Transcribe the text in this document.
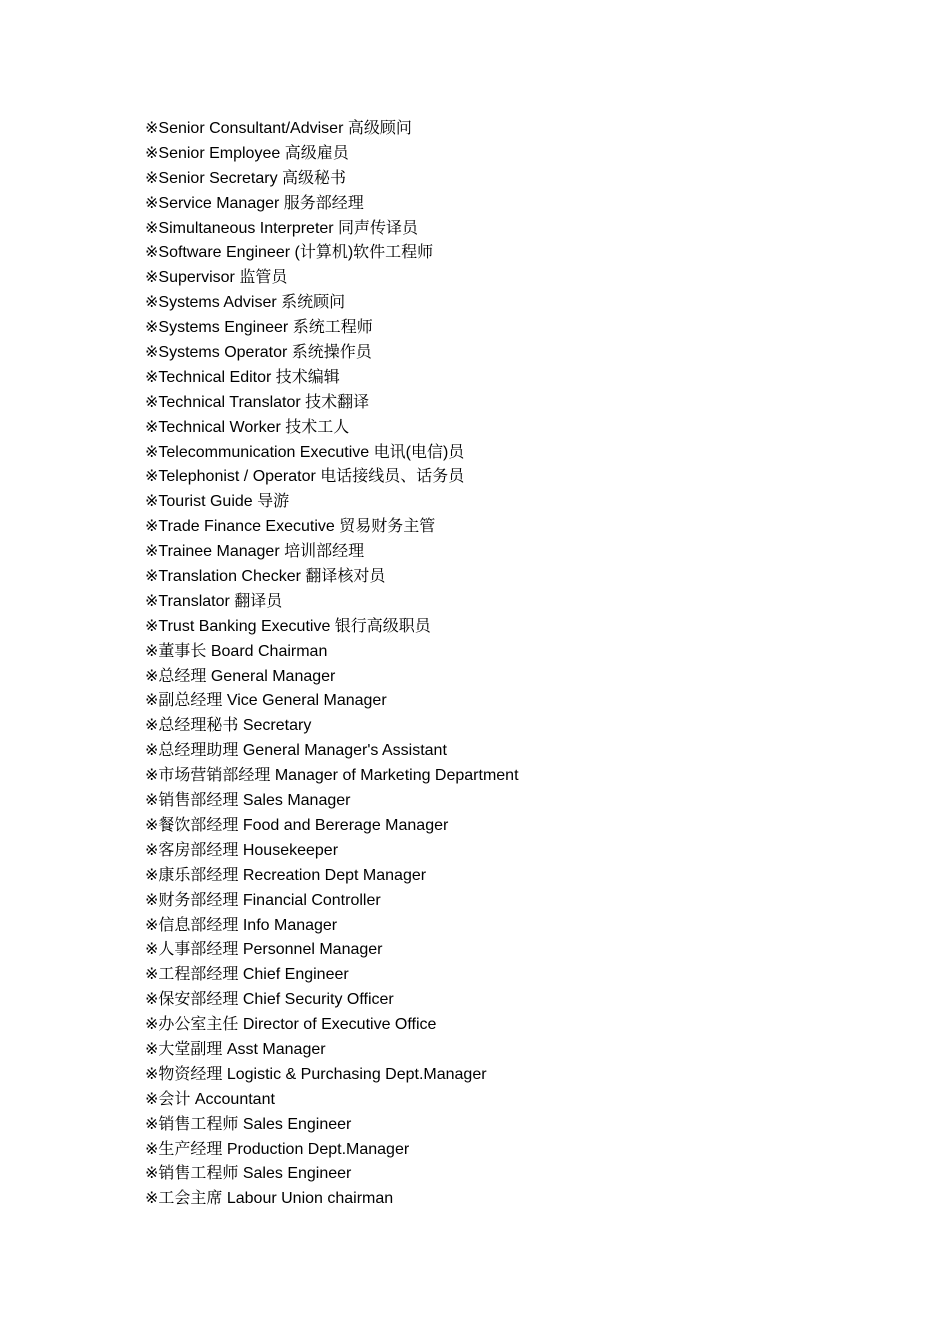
※Senior Consultant/Adviser 高级顾问
※Senior Employee 高级雇员
※Senior Secretary 高级秘书
※Service Manager 服务部经理
※Simultaneous Interpreter 同声传译员
※Software Engineer (计算机)软件工程师
※Supervisor 监管员
※Systems Adviser 系统顾问
※Systems Engineer 系统工程师
※Systems Operator 系统操作员
※Technical Editor 技术编辑
※Technical Translator 技术翻译
※Technical Worker 技术工人
※Telecommunication Executive 电讯(电信)员
※Telephonist / Operator 电话接线员、话务员
※Tourist Guide 导游
※Trade Finance Executive 贸易财务主管
※Trainee Manager 培训部经理
※Translation Checker 翻译核对员
※Translator 翻译员
※Trust Banking Executive 银行高级职员
※董事长 Board Chairman
※总经理 General Manager
※副总经理 Vice General Manager
※总经理秘书 Secretary
※总经理助理 General Manager's Assistant
※市场营销部经理 Manager of Marketing Department
※销售部经理 Sales Manager
※餐饮部经理 Food and Bererage Manager
※客房部经理 Housekeeper
※康乐部经理 Recreation Dept Manager
※财务部经理 Financial Controller
※信息部经理 Info Manager
※人事部经理 Personnel Manager
※工程部经理 Chief Engineer
※保安部经理 Chief Security Officer
※办公室主任 Director of Executive Office
※大堂副理 Asst Manager
※物资经理 Logistic & Purchasing Dept.Manager
※会计 Accountant
※销售工程师 Sales Engineer
※生产经理 Production Dept.Manager
※销售工程师 Sales Engineer
※工会主席 Labour Union chairman
